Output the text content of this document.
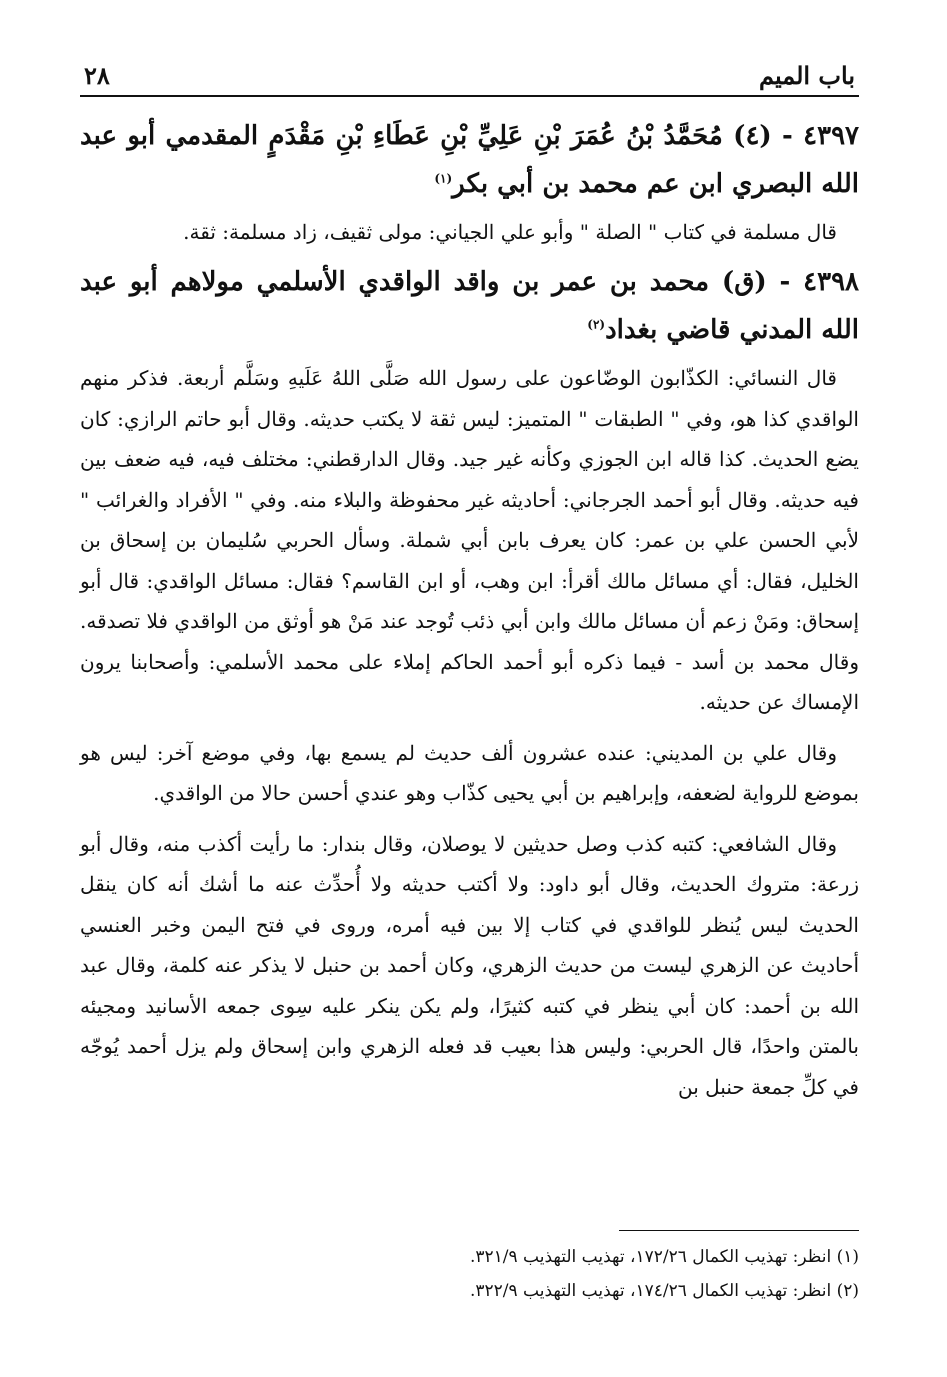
باب الميم
٢٨

٤٣٩٧ - (٤) مُحَمَّدُ بْنُ عُمَرَ بْنِ عَلِيِّ بْنِ عَطَاءِ بْنِ مَقْدَمٍ المقدمي أبو عبد الله البصري ابن عم محمد بن أبي بكر$^{(١)}$

قال مسلمة في كتاب " الصلة " وأبو علي الجياني: مولى ثقيف، زاد مسلمة: ثقة.

٤٣٩٨ - (ق) محمد بن عمر بن واقد الواقدي الأسلمي مولاهم أبو عبد الله المدني قاضي بغداد$^{(٢)}$

قال النسائي: الكذّابون الوضّاعون على رسول الله صَلَّى اللهُ عَلَيهِ وسَلَّم أربعة. فذكر منهم الواقدي كذا هو، وفي " الطبقات " المتميز: ليس ثقة لا يكتب حديثه. وقال أبو حاتم الرازي: كان يضع الحديث. كذا قاله ابن الجوزي وكأنه غير جيد. وقال الدارقطني: مختلف فيه، فيه ضعف بين فيه حديثه. وقال أبو أحمد الجرجاني: أحاديثه غير محفوظة والبلاء منه. وفي " الأفراد والغرائب " لأبي الحسن علي بن عمر: كان يعرف بابن أبي شملة. وسأل الحربي سُليمان بن إسحاق بن الخليل، فقال: أي مسائل مالك أقرأ: ابن وهب، أو ابن القاسم؟ فقال: مسائل الواقدي: قال أبو إسحاق: ومَنْ زعم أن مسائل مالك وابن أبي ذئب تُوجد عند مَنْ هو أوثق من الواقدي فلا تصدقه. وقال محمد بن أسد - فيما ذكره أبو أحمد الحاكم إملاء على محمد الأسلمي: وأصحابنا يرون الإمساك عن حديثه.

وقال علي بن المديني: عنده عشرون ألف حديث لم يسمع بها، وفي موضع آخر: ليس هو بموضع للرواية لضعفه، وإبراهيم بن أبي يحيى كذّاب وهو عندي أحسن حالا من الواقدي.

وقال الشافعي: كتبه كذب وصل حديثين لا يوصلان، وقال بندار: ما رأيت أكذب منه، وقال أبو زرعة: متروك الحديث، وقال أبو داود: ولا أكتب حديثه ولا أُحدِّث عنه ما أشك أنه كان ينقل الحديث ليس يُنظر للواقدي في كتاب إلا بين فيه أمره، وروى في فتح اليمن وخبر العنسي أحاديث عن الزهري ليست من حديث الزهري، وكان أحمد بن حنبل لا يذكر عنه كلمة، وقال عبد الله بن أحمد: كان أبي ينظر في كتبه كثيرًا، ولم يكن ينكر عليه سِوى جمعه الأسانيد ومجيئه بالمتن واحدًا، قال الحربي: وليس هذا بعيب قد فعله الزهري وابن إسحاق ولم يزل أحمد يُوجّه في كلِّ جمعة حنبل بن

(١) انظر: تهذيب الكمال ١٧٢/٢٦، تهذيب التهذيب ٣٢١/٩.

(٢) انظر: تهذيب الكمال ١٧٤/٢٦، تهذيب التهذيب ٣٢٢/٩.
